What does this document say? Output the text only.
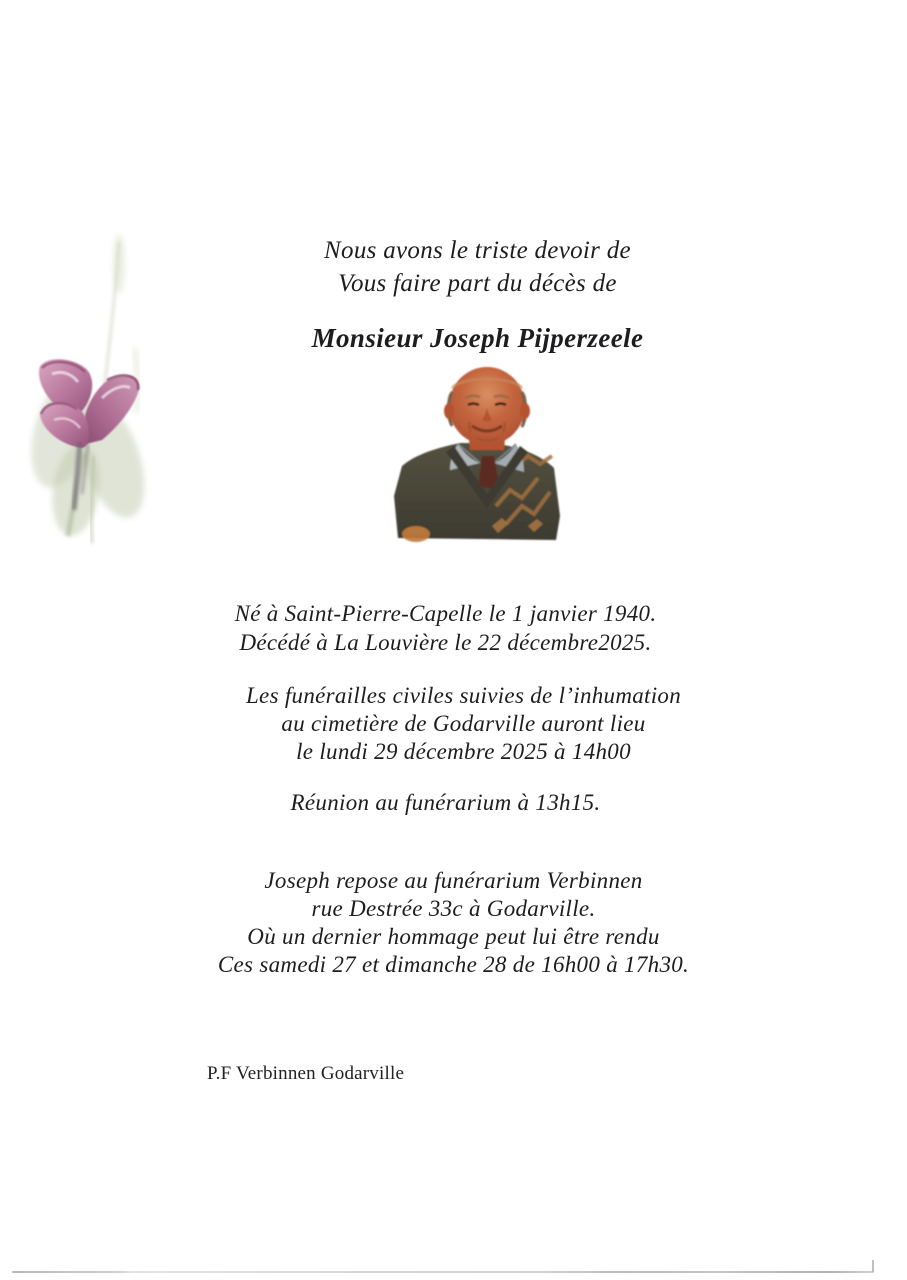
Nous avons le triste devoir de
Vous faire part du décès de
Monsieur Joseph Pijperzeele
Né à Saint-Pierre-Capelle le 1 janvier 1940.
Décédé à La Louvière le 22 décembre2025.
Les funérailles civiles suivies de l’inhumation
au cimetière de Godarville auront lieu
le lundi 29 décembre 2025 à 14h00
Réunion au funérarium à 13h15.
Joseph repose au funérarium Verbinnen
rue Destrée 33c à Godarville.
Où un dernier hommage peut lui être rendu
Ces samedi 27 et dimanche 28 de 16h00 à 17h30.
P.F Verbinnen Godarville
